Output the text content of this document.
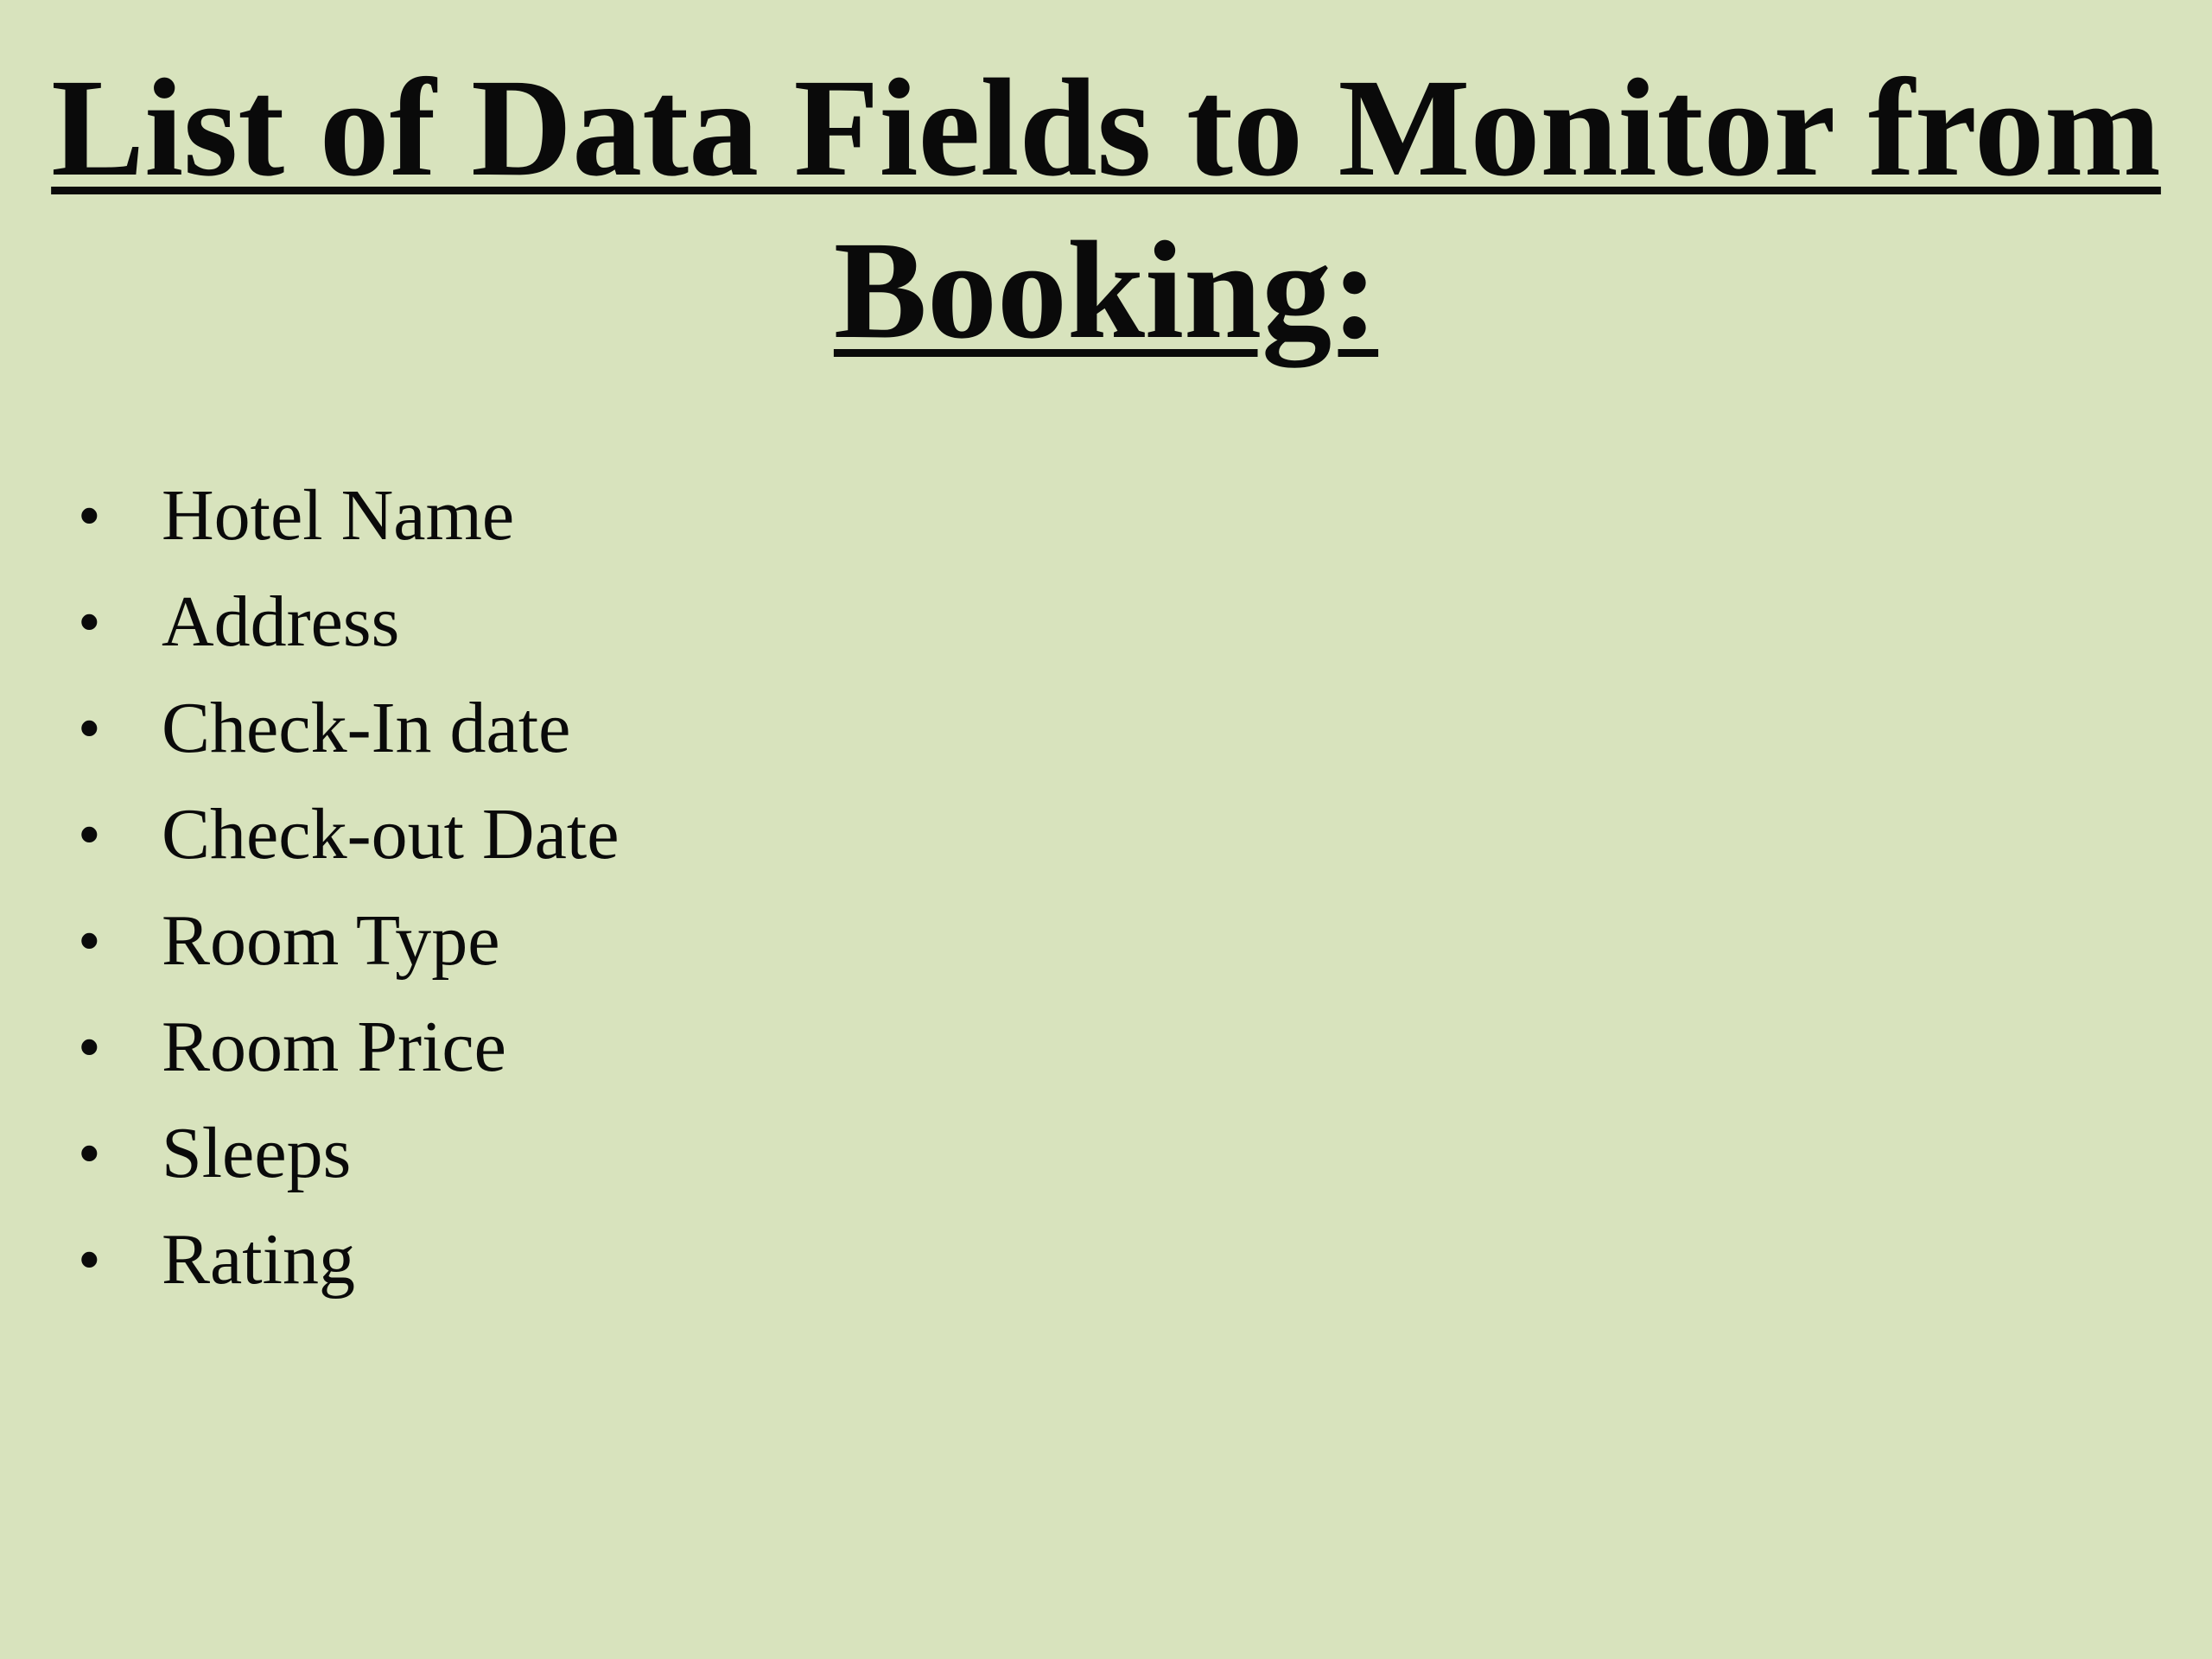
List of Data Fields to Monitor from Booking:
• Hotel Name
• Address
• Check-In date
• Check-out Date
• Room Type
• Room Price
• Sleeps
• Rating
